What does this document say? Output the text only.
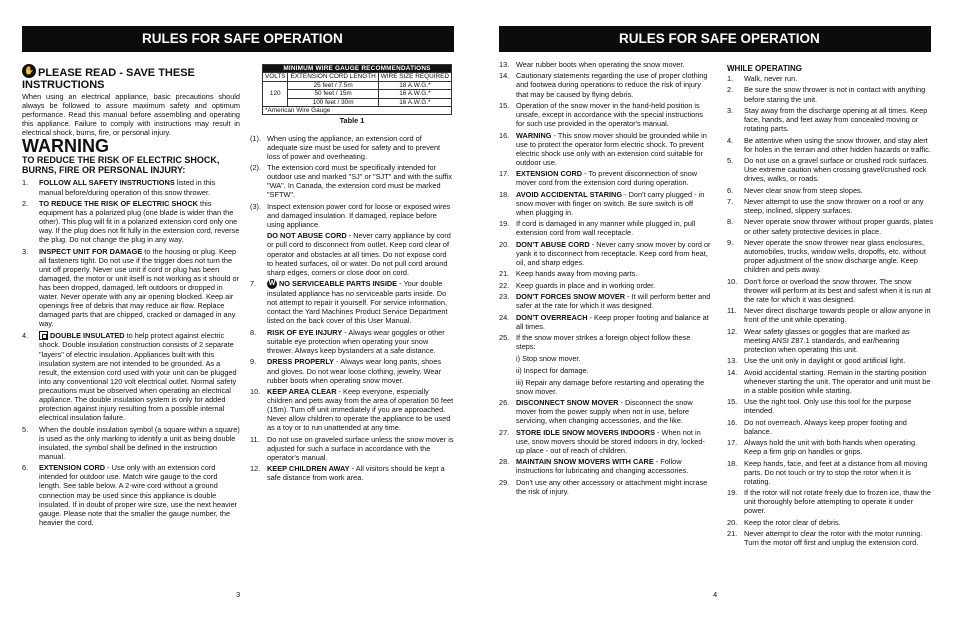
RULES FOR SAFE OPERATION
✋PLEASE READ - SAVE THESE INSTRUCTIONS

When using an electrical appliance, basic precautions should always be followed to assure maximum safety and optimum performance. Read this manual before assembling and operating this appliance. Failure to comply with instructions may result in electrical shock, burns, fire, or personal injury.

WARNING
TO REDUCE THE RISK OF ELECTRIC SHOCK, BURNS, FIRE OR PERSONAL INJURY:
1. FOLLOW ALL SAFETY INSTRUCTIONS listed in this manual before/during operation of this snow thrower.
2. TO REDUCE THE RISK OF ELECTRIC SHOCK this equipment has a polarized plug (one blade is wider than the other). This plug will fit in a polarized extension cord only one way. If the plug does not fit fully in the extension cord, reverse the plug. Do not change the plug in any way.
3. INSPECT UNIT FOR DAMAGE to the housing or plug. Keep all fasteners tight. Do not use if the trigger does not turn the unit off properly. Never use unit if cord or plug has been damaged, the motor or unit itself is not working as it should or has been dropped, damaged, left outdoors or dropped in water. Never operate with any air opening blocked. Keep air openings free of debris that may reduce air flow. Replace damaged parts that are chipped, cracked or damaged in any way.
4.	DOUBLE INSULATED to help protect against electric shock. Double insulation construction consists of 2 separate "layers" of electric insulation. Appliances built with this insulation system are not intended to be grounded. As a result, the extension cord used with your unit can be plugged into any conventional 120 volt electrical outlet. Normal safety precautions must be observed when operating an electrical appliance. The double insulation system is only for added protection against injury resulting from a possible internal electrical insulation failure.
5. When the double insulation symbol (a square within a square) is used as the only marking to identify a unit as being double insulated, the symbol shall be defined in the instruction manual.
6. EXTENSION CORD - Use only with an extension cord intended for outdoor use. Match wire gauge to the cord length. See table below. A 2-wire cord without a ground connection may be used since this appliance is double insulated. If in doubt of proper wire size, use the next heavier gauge. Please note that the smaller the gauge number, the heavier the cord.
MINIMUM WIRE GAUGE RECOMMENDATIONS		
VOLTS	EXTENSION CORD LENGTH	WIRE SIZE REQUIRED
120	25 feet / 7.5m	18 A.W.G.*
	50 feet / 15m	16 A.W.G.*
	100 feet / 30m	16 A.W.G.*
*American Wire Gauge		
Table 1
(1). When using the appliance, an extension cord of adequate size must be used for safety and to prevent loss of power and overheating.
(2). The extension cord must be specifically intended for outdoor use and marked "SJ" or "SJT" and with the suffix "WA". In Canada, the extension cord must be marked "SFTW".
(3). Inspect extension power cord for loose or exposed wires and damaged insulation. If damaged, replace before using appliance.
DO NOT ABUSE CORD - Never carry appliance by cord or pull cord to disconnect from outlet. Keep cord clear of operator and obstacles at all times. Do not expose cord to heated surfaces, oil or water. Do not pull cord around sharp edges, corners or close door on cord.
7. W NO SERVICEABLE PARTS INSIDE - Your double insulated appliance has no serviceable parts inside. Do not attempt to repair it yourself. For service information, contact the Yard Machines Product Service Department listed on the back cover of this User Manual.
8. RISK OF EYE INJURY - Always wear goggles or other suitable eye protection when operating your snow thrower. Always keep bystanders at a safe distance.
9. DRESS PROPERLY - Always wear long pants, shoes and gloves. Do not wear loose clothing, jewelry. Wear rubber boots when operating snow mover.
10. KEEP AREA CLEAR - Keep everyone, especially children and pets away from the area of operation 50 feet (15m). Turn off unit immediately if you are approached. Never allow children to operate the appliance to be used as a toy or to run unattended at any time.
11. Do not use on graveled surface unless the snow mover is adjusted for such a surface in accordance with the operator's manual.
12. KEEP CHILDREN AWAY - All visitors should be kept a safe distance from work area.
3
RULES FOR SAFE OPERATION
13. Wear rubber boots when operating the snow mover.
14. Cautionary statements regarding the use of proper clothing and footwea during operations to reduce the risk of injury that may be caused by flying debris.
15. Operation of the snow mover in the hand-held position is unsafe, except in accordance with the special instructions for such use provided in the operator's manual.
16. WARNING - This snow mover should be grounded while in use to protect the operator form electric shock. To prevent electric shock use only with an extension cord suitable for outdoor use.
17. EXTENSION CORD - To prevent disconnection of snow mover cord from the extension cord during operation.
18. AVOID ACCIDENTAL STARING - Don't carry plugged - in snow mover with finger on switch. Be sure switch is off when plugging in.
19. If cord is damaged in any manner while plugged in, pull extension cord from wall receptacle.
20. DON'T ABUSE CORD - Never carry snow mover by cord or yank it to disconnect from receptacle. Keep cord from heat, oil, and sharp edges.
21. Keep hands away from moving parts.
22. Keep guards in place and in working order.
23. DON'T FORCES SNOW MOVER - It will perform better and safer at the rate for which it was designed.
24. DON'T OVERREACH - Keep proper footing and balance at all times.
25. If the snow mover strikes a foreign object follow these steps:

i) Stop snow mover.

ii) Inspect for damage.

iii) Repair any damage before restarting and operating the snow mover.

26. DISCONNECT SNOW MOVER - Disconnect the snow mover from the power supply when not in use, before servicing, when changing accessories, and the like.
27. STORE IDLE SNOW MOVERS INDOORS - When not in use, snow movers should be stored indoors in dry, locked-up place - out of reach of children.
28. MAINTAIN SNOW MOVERS WITH CARE - Follow instructions for lubricating and changing accessories.
29. Don't use any other accessory or attachment might incrase the risk of injury.
WHILE OPERATING
1. Walk, never run.
2. Be sure the snow thrower is not in contact with anything before staring the unit.
3. Stay away from the discharge opening at all times. Keep face, hands, and feet away from concealed moving or rotating parts.
4. Be attentive when using the snow thrower, and stay alert for holes in the terrain and other hidden hazards or traffic.
5. Do not use on a gravel surface or crushed rock surfaces. Use extreme caution when crossing gravel/crushed rock drives, walks, or roads.
6. Never clear snow from steep slopes.
7. Never attempt to use the snow thrower on a roof or any steep, inclined, slippery surfaces.
8. Never operate snow thrower without proper guards, plates or other safety protective devices in place.
9. Never operate the snow thrower near glass enclosures, automobiles, trucks, window wells, dropoffs, etc. without proper adjustment of the snow discharge angle. Keep children and pets away.
10. Don't force or overload the snow thrower. The snow thrower will perform at its best and safest when it is run at the rate for which it was designed.
11. Never direct discharge towards people or allow anyone in front of the unit while operating.
12. Wear safety glasses or goggles that are marked as meeting ANSI Z87.1 standards, and ear/hearing protection when operating this unit.
13. Use the unit only in daylight or good artificial light.
14. Avoid accidental starting. Remain in the starting position whenever starting the unit. The operator and unit must be in a stable position while starting.
15. Use the right tool. Only use this tool for the purpose intended.
16. Do not overreach. Always keep proper footing and balance.
17. Always hold the unit with both hands when operating. Keep a firm grip on handles or grips.
18. Keep hands, face, and feet at a distance from all moving parts. Do not touch or try to stop the rotor when it is rotating.
19. If the rotor will not rotate freely due to frozen ice, thaw the unit thoroughly before attempting to operate it under power.
20. Keep the rotor clear of debris.
21. Never attempt to clear the rotor with the motor running. Turn the motor off first and unplug the extension cord.
4
